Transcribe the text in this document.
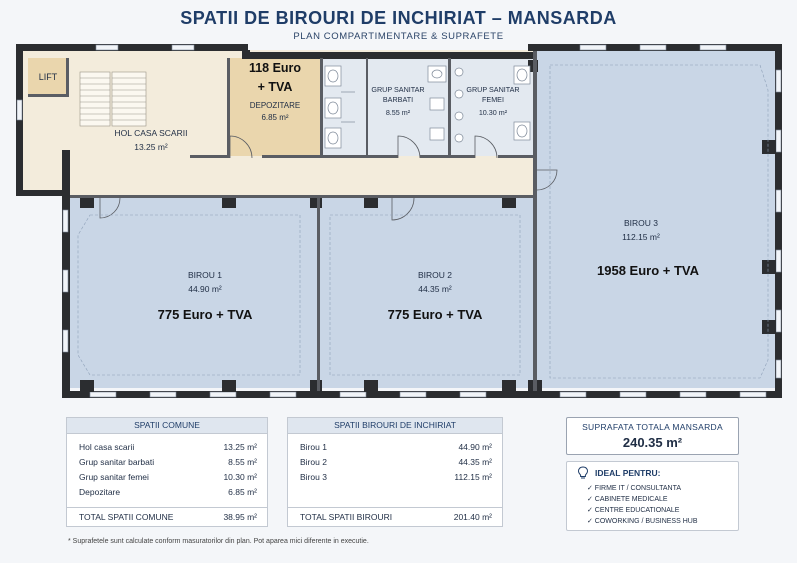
SPATII DE BIROURI DE INCHIRIAT – MANSARDA
PLAN COMPARTIMENTARE & SUPRAFETE
LIFT
HOL CASA SCARII
13.25 m²
118 Euro
+ TVA
DEPOZITARE
6.85 m²
GRUP SANITAR
BARBATI
8.55 m²
GRUP SANITAR
FEMEI
10.30 m²
BIROU 1
44.90 m²
775 Euro + TVA
BIROU 2
44.35 m²
775 Euro + TVA
BIROU 3
112.15 m²
1958 Euro + TVA
SPATII COMUNE
Hol casa scarii	13.25 m²
Grup sanitar barbati	8.55 m²
Grup sanitar femei	10.30 m²
Depozitare	6.85 m²
TOTAL SPATII COMUNE	38.95 m²
SPATII BIROURI DE INCHIRIAT
Birou 1	44.90 m²
Birou 2	44.35 m²
Birou 3	112.15 m²
TOTAL SPATII BIROURI	201.40 m²
SUPRAFATA TOTALA MANSARDA
240.35 m²
IDEAL PENTRU:
✓ FIRME IT / CONSULTANTA
✓ CABINETE MEDICALE
✓ CENTRE EDUCATIONALE
✓ COWORKING / BUSINESS HUB
* Suprafetele sunt calculate conform masuratorilor din plan. Pot aparea mici diferente in executie.
